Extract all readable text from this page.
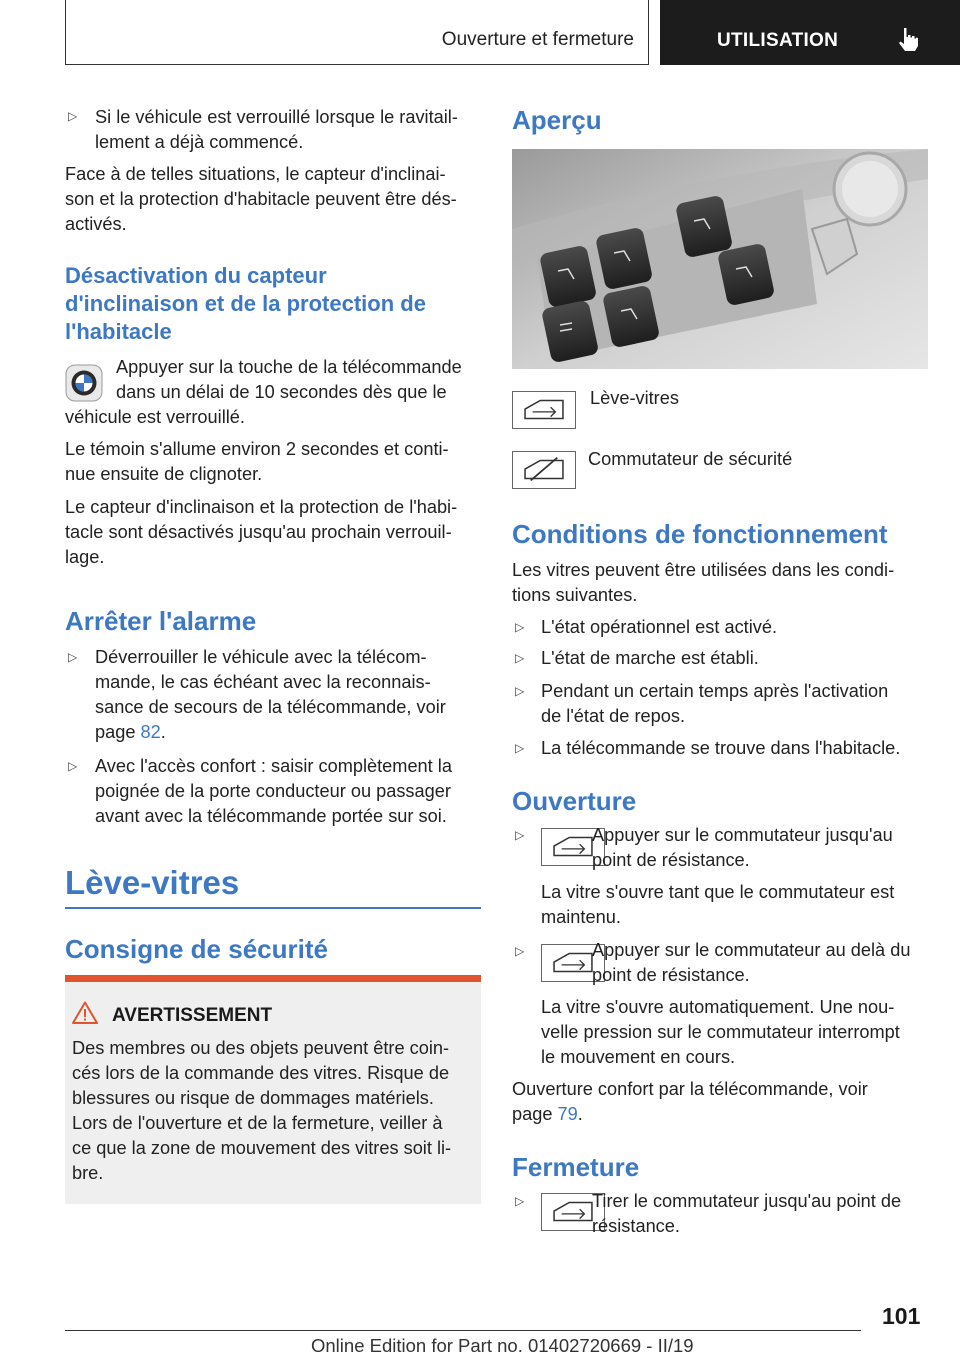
Ouverture et fermeture	UTILISATION
▷ Si le véhicule est verrouillé lorsque le ravitail-
lement a déjà commencé.
Face à de telles situations, le capteur d'inclinai-
son et la protection d'habitacle peuvent être dés-
activés.
Désactivation du capteur
d'inclinaison et de la protection de
l'habitacle
Appuyer sur la touche de la télécommande
dans un délai de 10 secondes dès que le
véhicule est verrouillé.
Le témoin s'allume environ 2 secondes et conti-
nue ensuite de clignoter.
Le capteur d'inclinaison et la protection de l'habi-
tacle sont désactivés jusqu'au prochain verrouil-
lage.
Arrêter l'alarme
▷ Déverrouiller le véhicule avec la télécom-
mande, le cas échéant avec la reconnais-
sance de secours de la télécommande, voir
page 82.
▷ Avec l'accès confort : saisir complètement la
poignée de la porte conducteur ou passager
avant avec la télécommande portée sur soi.
Lève-vitres
Consigne de sécurité
AVERTISSEMENT
Des membres ou des objets peuvent être coin-
cés lors de la commande des vitres. Risque de
blessures ou risque de dommages matériels.
Lors de l'ouverture et de la fermeture, veiller à
ce que la zone de mouvement des vitres soit li-
bre.
Aperçu
Lève-vitres
Commutateur de sécurité
Conditions de fonctionnement
Les vitres peuvent être utilisées dans les condi-
tions suivantes.
▷ L'état opérationnel est activé.
▷ L'état de marche est établi.
▷ Pendant un certain temps après l'activation
de l'état de repos.
▷ La télécommande se trouve dans l'habitacle.
Ouverture
▷	Appuyer sur le commutateur jusqu'au
point de résistance.
La vitre s'ouvre tant que le commutateur est
maintenu.
▷	Appuyer sur le commutateur au delà du
point de résistance.
La vitre s'ouvre automatiquement. Une nou-
velle pression sur le commutateur interrompt
le mouvement en cours.
Ouverture confort par la télécommande, voir
page 79.
Fermeture
▷	Tirer le commutateur jusqu'au point de
résistance.
101
Online Edition for Part no. 01402720669 - II/19
